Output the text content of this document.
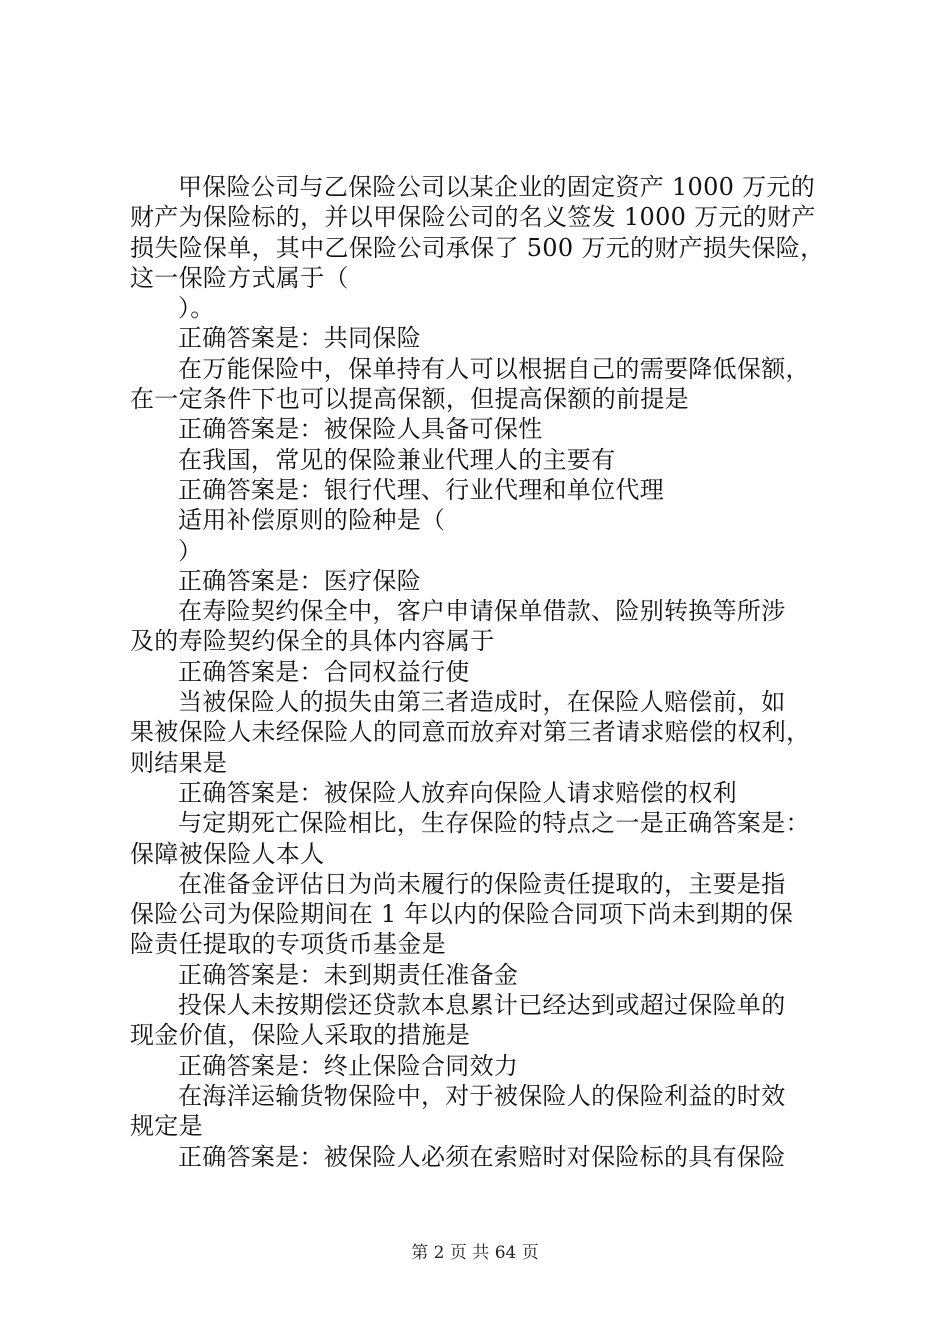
甲保险公司与乙保险公司以某企业的固定资产 1000 万元的
财产为保险标的，并以甲保险公司的名义签发 1000 万元的财产
损失险保单，其中乙保险公司承保了 500 万元的财产损失保险，
这一保险方式属于（
）。
正确答案是：共同保险
在万能保险中，保单持有人可以根据自己的需要降低保额，
在一定条件下也可以提高保额，但提高保额的前提是
正确答案是：被保险人具备可保性
在我国，常见的保险兼业代理人的主要有
正确答案是：银行代理、行业代理和单位代理
适用补偿原则的险种是（
）
正确答案是：医疗保险
在寿险契约保全中，客户申请保单借款、险别转换等所涉
及的寿险契约保全的具体内容属于
正确答案是：合同权益行使
当被保险人的损失由第三者造成时，在保险人赔偿前，如
果被保险人未经保险人的同意而放弃对第三者请求赔偿的权利，
则结果是
正确答案是：被保险人放弃向保险人请求赔偿的权利
与定期死亡保险相比，生存保险的特点之一是正确答案是：
保障被保险人本人
在准备金评估日为尚未履行的保险责任提取的，主要是指
保险公司为保险期间在 1 年以内的保险合同项下尚未到期的保
险责任提取的专项货币基金是
正确答案是：未到期责任准备金
投保人未按期偿还贷款本息累计已经达到或超过保险单的
现金价值，保险人采取的措施是
正确答案是：终止保险合同效力
在海洋运输货物保险中，对于被保险人的保险利益的时效
规定是
正确答案是：被保险人必须在索赔时对保险标的具有保险
第 2 页 共 64 页
